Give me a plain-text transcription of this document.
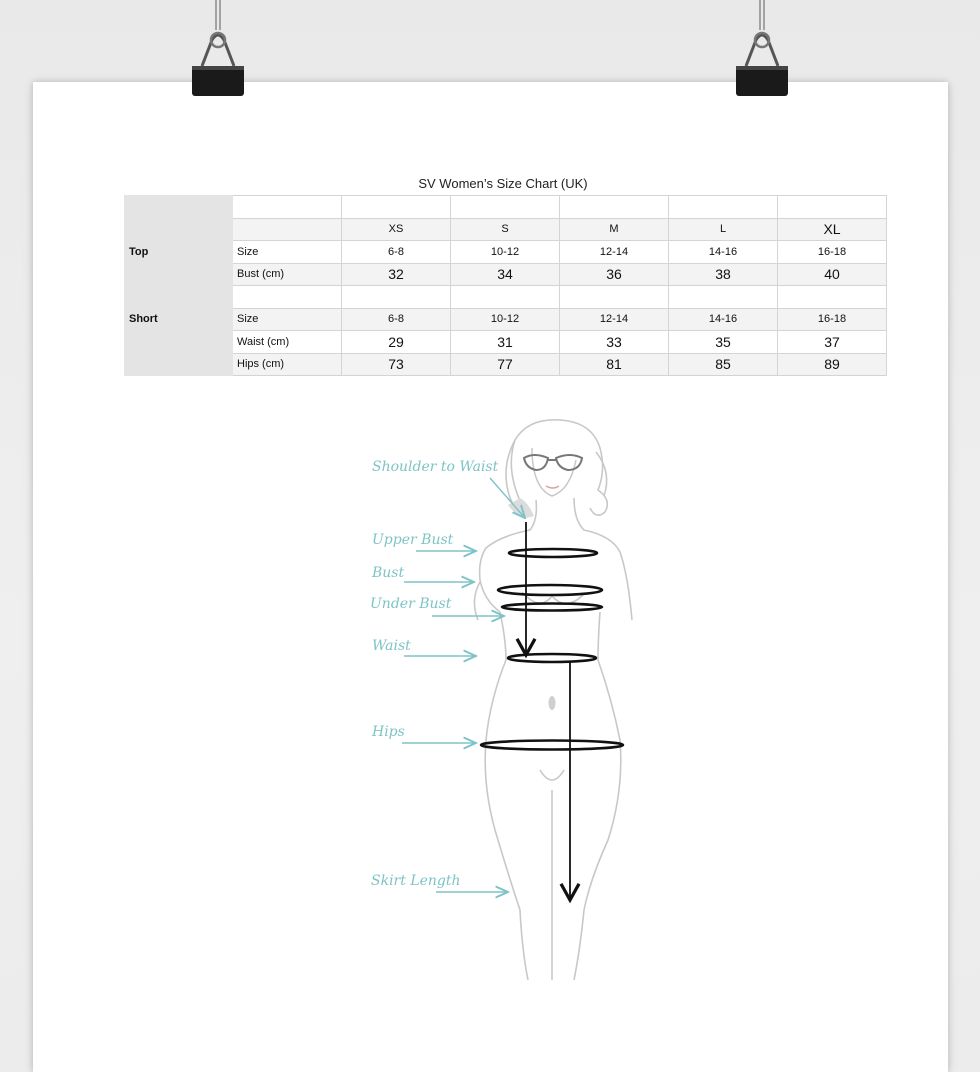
SV Women’s Size Chart (UK)

		XS	S	M	L	XL
Top	Size	6-8	10-12	12-14	14-16	16-18
	Bust (cm)	32	34	36	38	40

Short	Size	6-8	10-12	12-14	14-16	16-18
	Waist (cm)	29	31	33	35	37
	Hips (cm)	73	77	81	85	89
Shoulder to Waist
Upper Bust
Bust
Under Bust
Waist
Hips
Skirt Length
